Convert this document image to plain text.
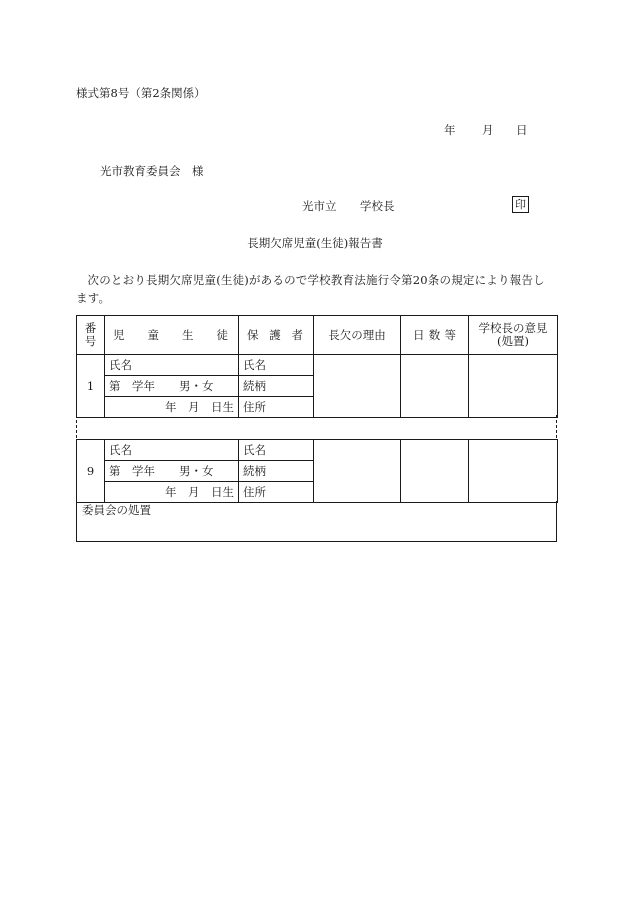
様式第8号（第2条関係）
年 月 日
光市教育委員会　様
光市立 学校長	印
長期欠席児童(生徒)報告書
次のとおり長期欠席児童(生徒)があるので学校教育法施行令第20条の規定により報告します。
番号	児 童 生 徒	保 護 者	長欠の理由	日 数 等	学校長の意見
(処置)
1	氏名	氏名			
	第　学年 男・女	続柄			
	年　月　日生	住所			
9	氏名	氏名			
	第　学年 男・女	続柄			
	年　月　日生	住所			
委員会の処置
